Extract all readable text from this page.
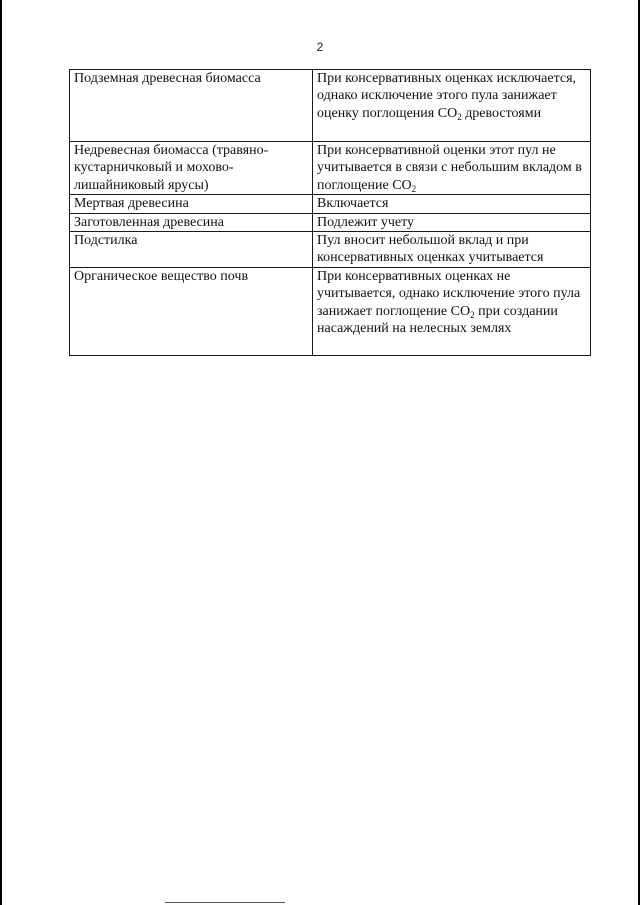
2
Подземная древесная биомасса	При консервативных оценках исключается, однако исключение этого пула занижает оценку поглощения $CO_2$ древостоями
Недревесная биомасса (травяно-кустарничковый и мохово-лишайниковый ярусы)	При консервативной оценки этот пул не учитывается в связи с небольшим вкладом в поглощение $CO_2$
Мертвая древесина	Включается
Заготовленная древесина	Подлежит учету
Подстилка	Пул вносит небольшой вклад и при консервативных оценках учитывается
Органическое вещество почв	При консервативных оценках не учитывается, однако исключение этого пула занижает поглощение $CO_2$ при создании насаждений на нелесных землях
